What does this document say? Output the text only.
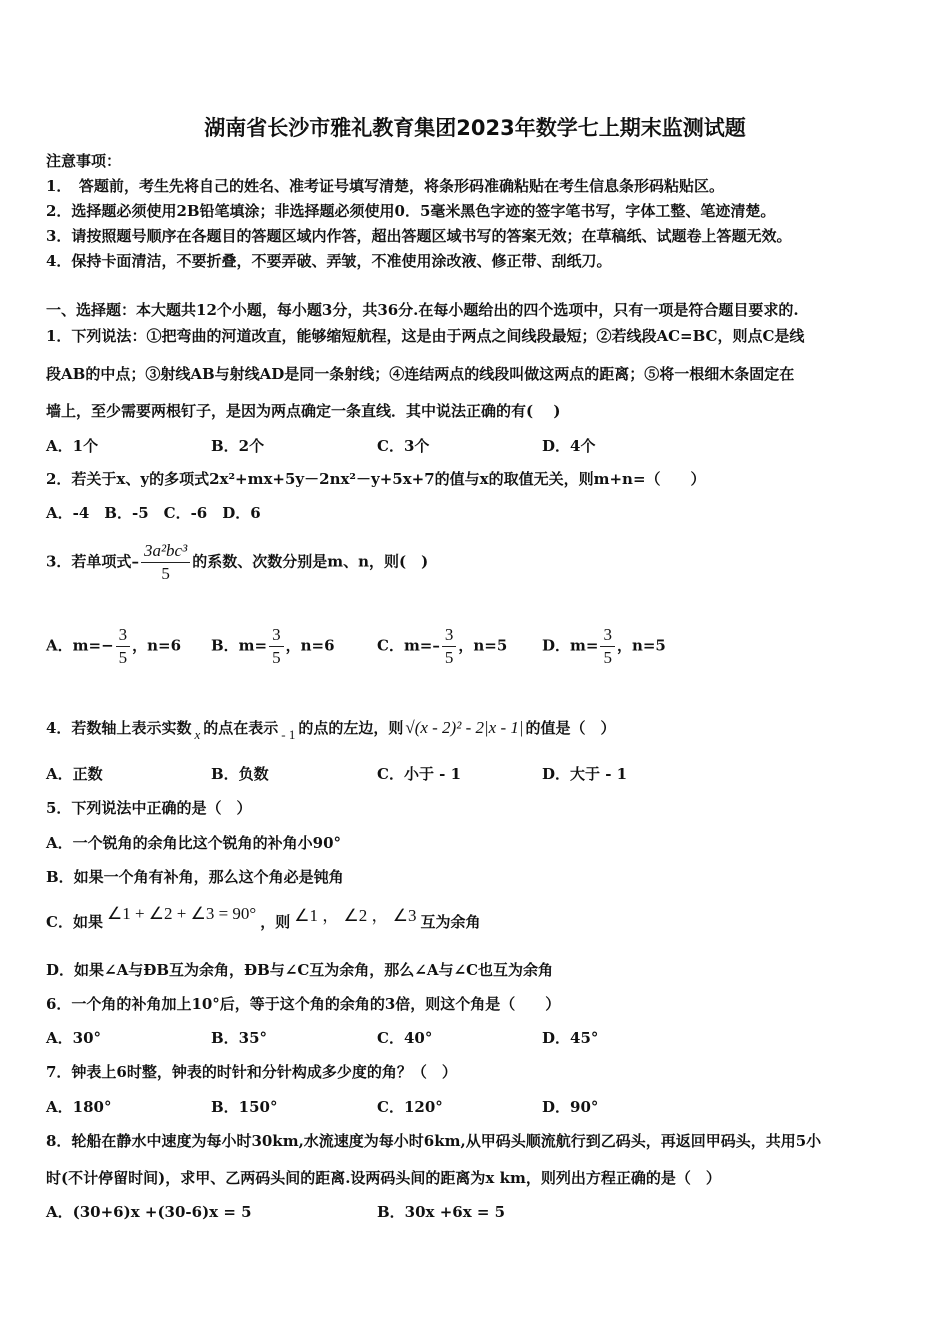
湖南省长沙市雅礼教育集团2023年数学七上期末监测试题
注意事项：
1．　答题前，考生先将自己的姓名、准考证号填写清楚，将条形码准确粘贴在考生信息条形码粘贴区。
2．选择题必须使用2B铅笔填涂；非选择题必须使用0．5毫米黑色字迹的签字笔书写，字体工整、笔迹清楚。
3．请按照题号顺序在各题目的答题区域内作答，超出答题区域书写的答案无效；在草稿纸、试题卷上答题无效。
4．保持卡面清洁，不要折叠，不要弄破、弄皱，不准使用涂改液、修正带、刮纸刀。
一、选择题：本大题共12个小题，每小题3分，共36分.在每小题给出的四个选项中，只有一项是符合题目要求的.
1．下列说法：①把弯曲的河道改直，能够缩短航程，这是由于两点之间线段最短；②若线段AC=BC，则点C是线
段AB的中点；③射线AB与射线AD是同一条射线；④连结两点的线段叫做这两点的距离；⑤将一根细木条固定在
墙上，至少需要两根钉子，是因为两点确定一条直线．其中说法正确的有(　 )
A．1个	B．2个	C．3个	D．4个
2．若关于x、y的多项式2x²+mx+5y－2nx²－y+5x+7的值与x的取值无关，则m+n=（　　）
A．-4　B．-5　C．-6　D．6
3．若单项式– $\frac{\text{3a²bc³}}{5}$ 的系数、次数分别是m、n，则(　)
A．$m=- \frac{3}{5}$ ，n=6 B．$m= \frac{3}{5}$ ，n=6	C．$m=- \frac{3}{5}$ ，n=5 D．$m= \frac{3}{5}$ ，n=5
4．若数轴上表示实数 x 的点在表示 - 1 的点的左边，则 √(x - 2)² - 2|x - 1| 的值是（　）
A．正数	B．负数	C．小于 - 1	D．大于 - 1
5．下列说法中正确的是（　）
A．一个锐角的余角比这个锐角的补角小90°
B．如果一个角有补角，那么这个角必是钝角
C．如果 ∠1 + ∠2 + ∠3 = 90° ，则 ∠1 ， ∠2 ， ∠3 互为余角
D．如果∠A与ÐB互为余角，ÐB与∠C互为余角，那么∠A与∠C也互为余角
6．一个角的补角加上10°后，等于这个角的余角的3倍，则这个角是（　　）
A．30°	B．35°	C．40°	D．45°
7．钟表上6时整，钟表的时针和分针构成多少度的角？（　）
A．180°	B．150°	C．120°	D．90°
8．轮船在静水中速度为每小时30km,水流速度为每小时6km,从甲码头顺流航行到乙码头，再返回甲码头，共用5小
时(不计停留时间)，求甲、乙两码头间的距离.设两码头间的距离为x km，则列出方程正确的是（　）
A．(30+6)x +(30-6)x = 5	B．30x +6x = 5
